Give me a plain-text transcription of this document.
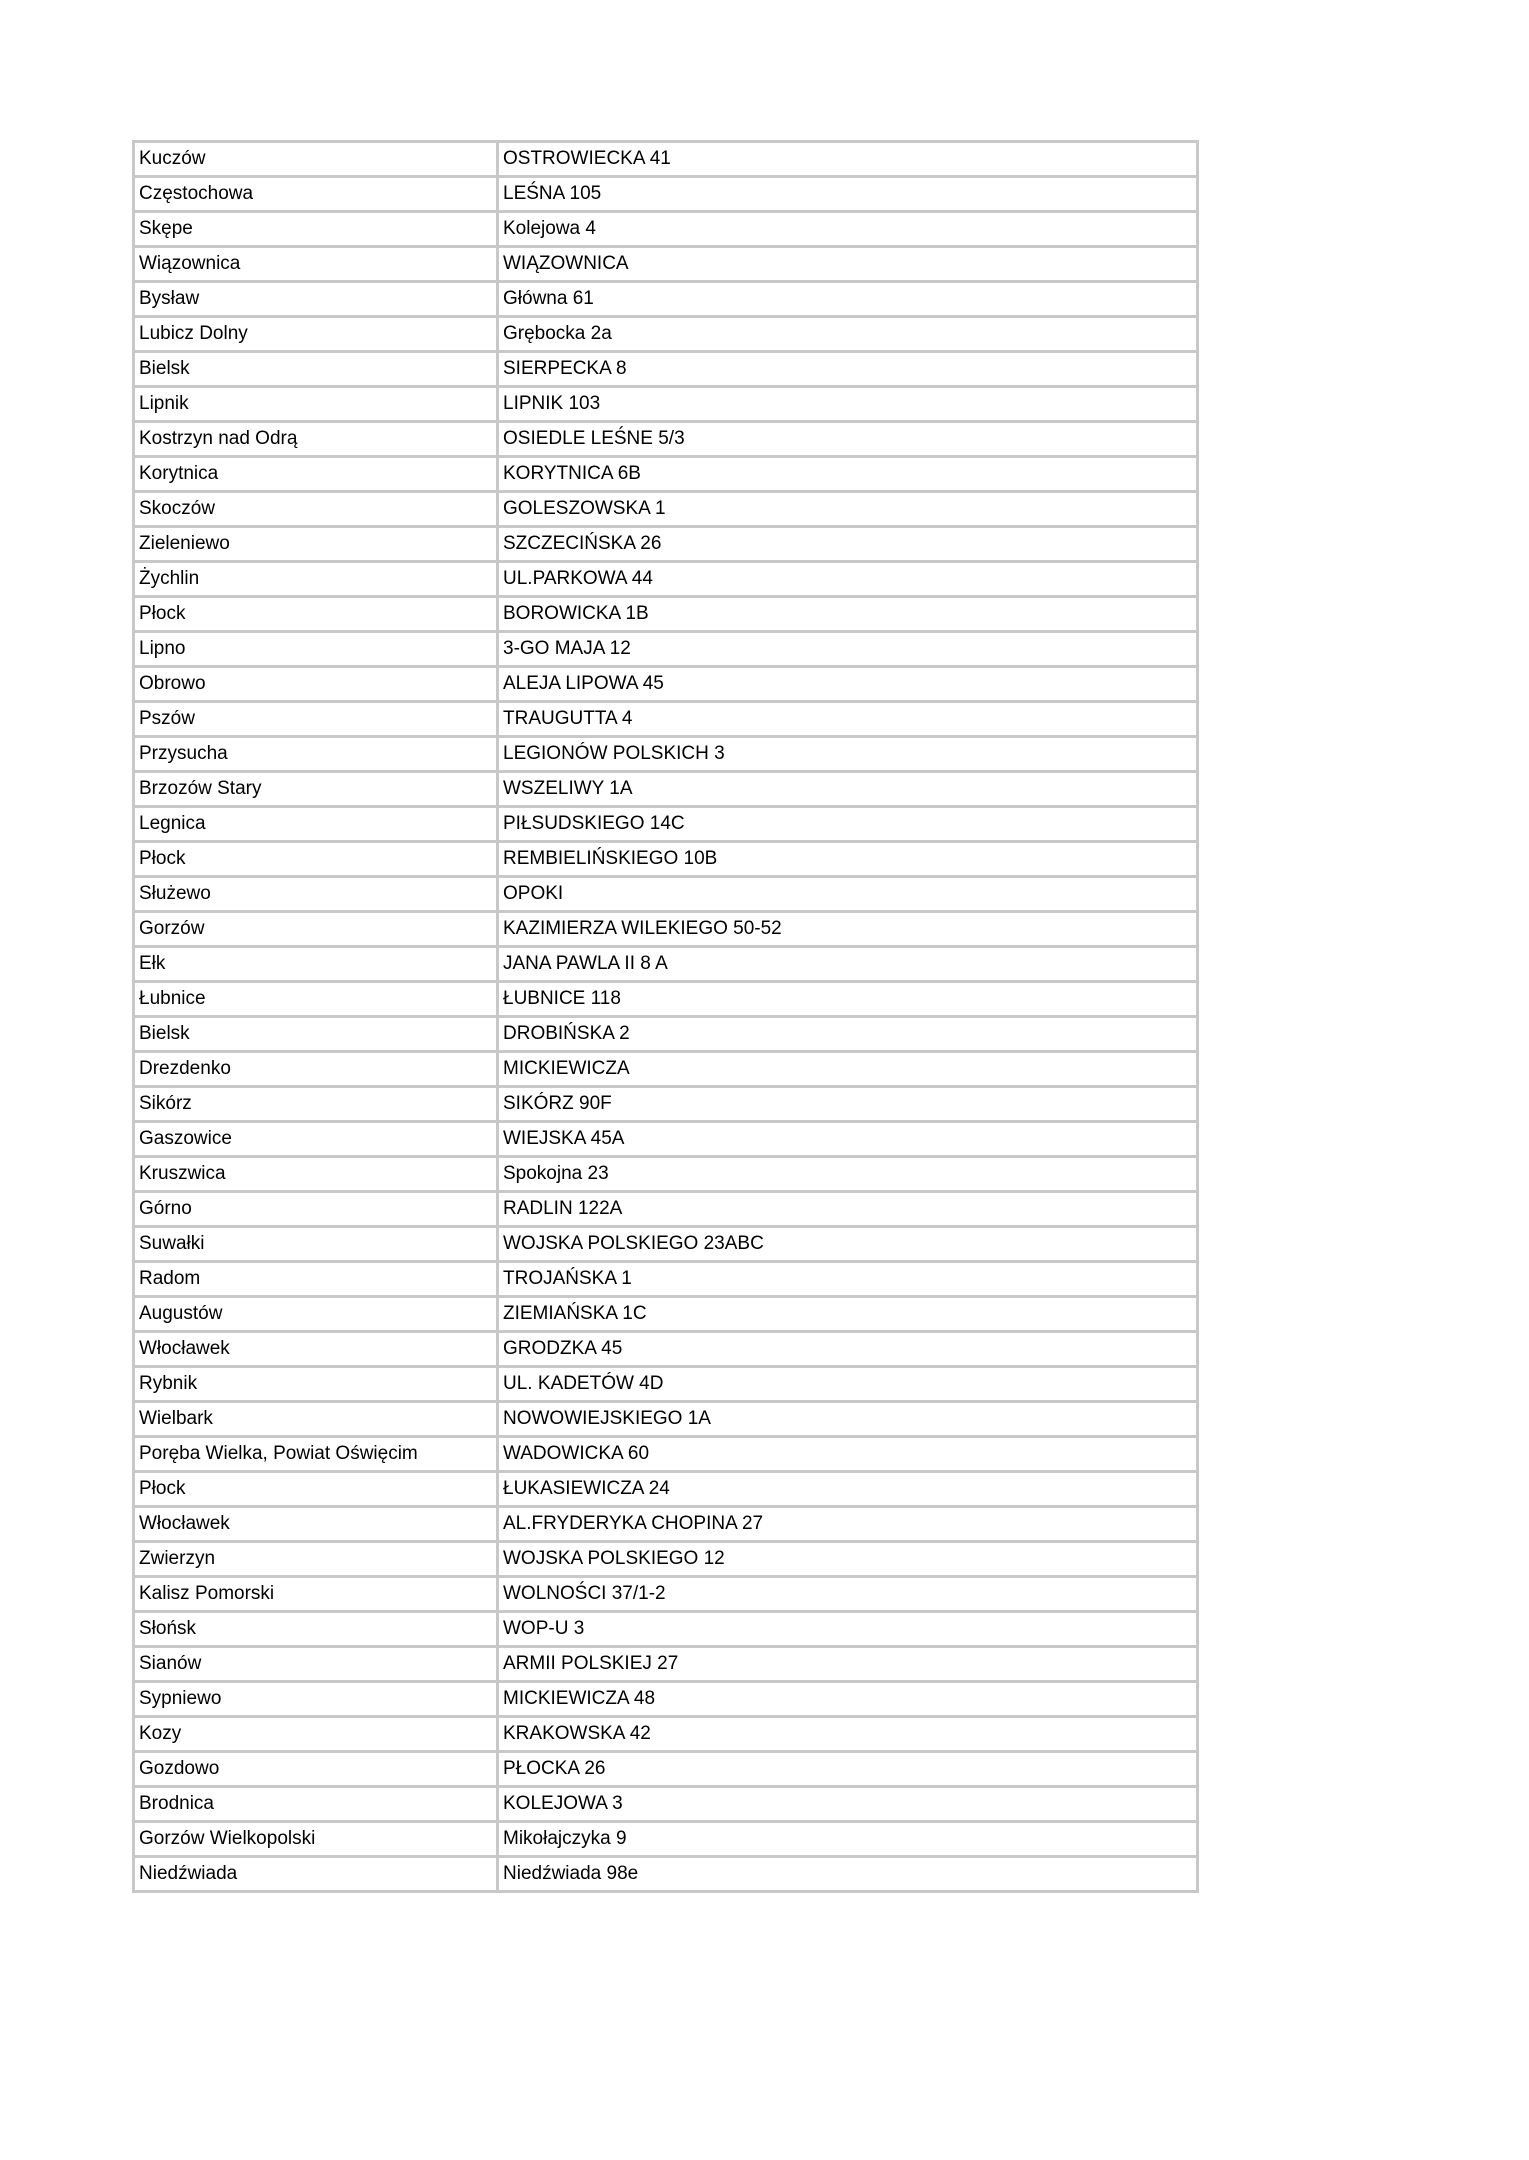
Kuczów	OSTROWIECKA 41
Częstochowa	LEŚNA 105
Skępe	Kolejowa 4
Wiązownica	WIĄZOWNICA
Bysław	Główna 61
Lubicz Dolny	Grębocka 2a
Bielsk	SIERPECKA 8
Lipnik	LIPNIK 103
Kostrzyn nad Odrą	OSIEDLE LEŚNE 5/3
Korytnica	KORYTNICA 6B
Skoczów	GOLESZOWSKA 1
Zieleniewo	SZCZECIŃSKA 26
Żychlin	UL.PARKOWA 44
Płock	BOROWICKA 1B
Lipno	3-GO MAJA 12
Obrowo	ALEJA LIPOWA 45
Pszów	TRAUGUTTA 4
Przysucha	LEGIONÓW POLSKICH 3
Brzozów Stary	WSZELIWY 1A
Legnica	PIŁSUDSKIEGO 14C
Płock	REMBIELIŃSKIEGO 10B
Służewo	OPOKI
Gorzów	KAZIMIERZA WILEKIEGO 50-52
Ełk	JANA PAWLA II 8 A
Łubnice	ŁUBNICE 118
Bielsk	DROBIŃSKA 2
Drezdenko	MICKIEWICZA
Sikórz	SIKÓRZ 90F
Gaszowice	WIEJSKA 45A
Kruszwica	Spokojna 23
Górno	RADLIN 122A
Suwałki	WOJSKA POLSKIEGO 23ABC
Radom	TROJAŃSKA 1
Augustów	ZIEMIAŃSKA 1C
Włocławek	GRODZKA 45
Rybnik	UL. KADETÓW 4D
Wielbark	NOWOWIEJSKIEGO 1A
Poręba Wielka, Powiat Oświęcim	WADOWICKA 60
Płock	ŁUKASIEWICZA 24
Włocławek	AL.FRYDERYKA CHOPINA 27
Zwierzyn	WOJSKA POLSKIEGO 12
Kalisz Pomorski	WOLNOŚCI 37/1-2
Słońsk	WOP-U 3
Sianów	ARMII POLSKIEJ 27
Sypniewo	MICKIEWICZA 48
Kozy	KRAKOWSKA 42
Gozdowo	PŁOCKA 26
Brodnica	KOLEJOWA 3
Gorzów Wielkopolski	Mikołajczyka 9
Niedźwiada	Niedźwiada 98e
